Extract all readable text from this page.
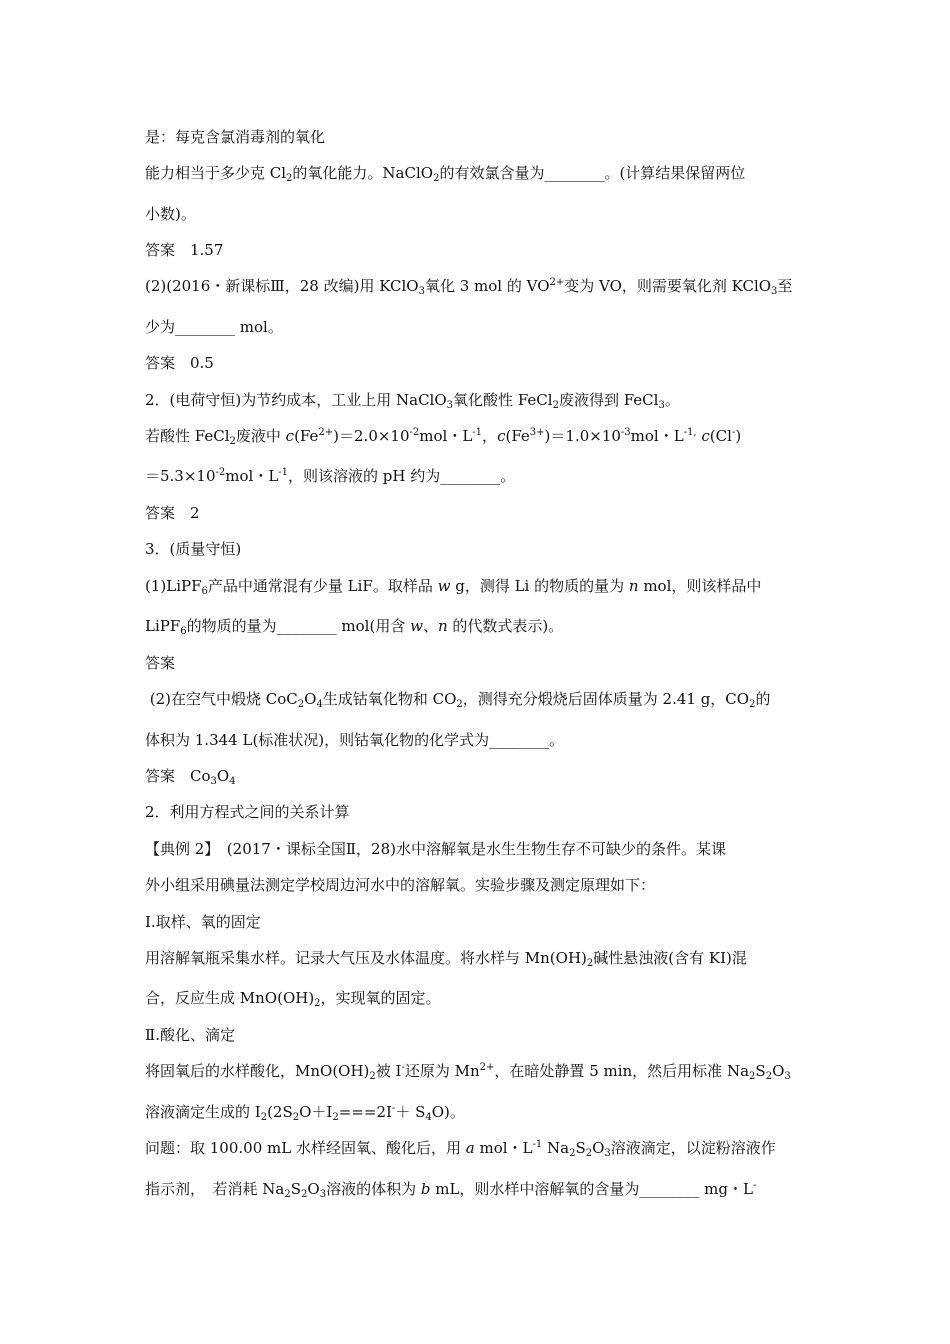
是：每克含氯消毒剂的氧化
能力相当于多少克 $Cl_2$的氧化能力。NaClO$_2$的有效氯含量为________。(计算结果保留两位
小数)。
答案　1.57
(2)(2016・新课标Ⅲ，28 改编)用 KClO$_3$氧化 3 mol 的 $VO^{2+}$变为 VO，则需要氧化剂 KClO$_3$至
少为________ mol。
答案　0.5
2．(电荷守恒)为节约成本，工业上用 NaClO$_3$氧化酸性 FeCl$_2$废液得到 FeCl$_3$。
若酸性 FeCl$_2$废液中 $c(Fe^{2+})=2.0\times 10^{-2}mol$・$L^{-1}$，$c(Fe^{3+})=1.0\times 10^{-3}mol$・$L^{-1,}$ c(Cl-)
$=5.3\times 10^{-2}mol$・$L^{-1}$，则该溶液的 pH 约为________。
答案　2
3．(质量守恒)
(1)LiPF$_6$产品中通常混有少量 LiF。取样品 w g，测得 Li 的物质的量为 n mol，则该样品中
LiPF$_6$的物质的量为________ mol(用含 w、n 的代数式表示)。
答案
(2)在空气中煅烧 $CoC_2O_4$生成钴氧化物和 $CO_2$，测得充分煅烧后固体质量为 2.41 g，$CO_2$的
体积为 1.344 L(标准状况)，则钴氧化物的化学式为________。
答案　$Co_3O_4$
2．利用方程式之间的关系计算
【典例 2】　(2017・课标全国Ⅱ，28)水中溶解氧是水生生物生存不可缺少的条件。某课
外小组采用碘量法测定学校周边河水中的溶解氧。实验步骤及测定原理如下：
Ⅰ.取样、氧的固定
用溶解氧瓶采集水样。记录大气压及水体温度。将水样与 $Mn(OH)_2$碱性悬浊液(含有 KI)混
合，反应生成 $MnO(OH)_2$，实现氧的固定。
Ⅱ.酸化、滴定
将固氧后的水样酸化，$MnO(OH)_2$被 I-还原为 $Mn^{2+}$，在暗处静置 5 min，然后用标准 $Na_2S_2O_3$
溶液滴定生成的 $I_2(2S_2O+I_2===2I^-+ S_4O)$。
问题：取 100.00 mL 水样经固氧、酸化后，用 a mol・$L^{-1}$ $Na_2S_2O_3$溶液滴定，以淀粉溶液作
指示剂，　若消耗 $Na_2S_2O_3$溶液的体积为 b mL，则水样中溶解氧的含量为________ mg・L-
